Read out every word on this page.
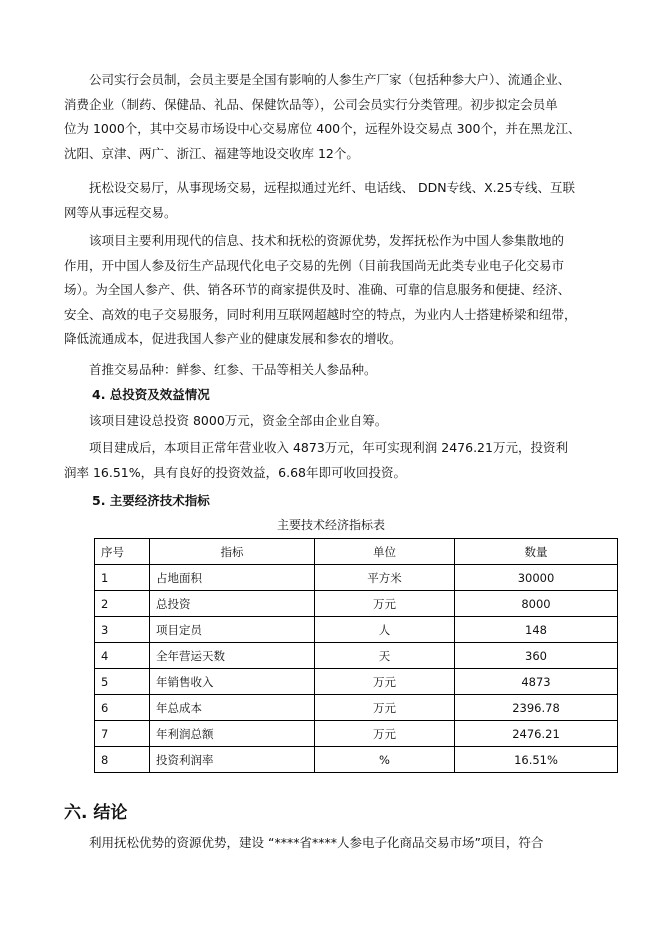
　　公司实行会员制，会员主要是全国有影响的人参生产厂家（包括种参大户）、流通企业、
消费企业（制药、保健品、礼品、保健饮品等），公司会员实行分类管理。初步拟定会员单
位为 1000个，其中交易市场设中心交易席位 400个，远程外设交易点 300个，并在黑龙江、
沈阳、京津、两广、浙江、福建等地设交收库 12个。
　　抚松设交易厅，从事现场交易，远程拟通过光纤、电话线、 DDN专线、X.25专线、互联
网等从事远程交易。
　　该项目主要利用现代的信息、技术和抚松的资源优势，发挥抚松作为中国人参集散地的
作用，开中国人参及衍生产品现代化电子交易的先例（目前我国尚无此类专业电子化交易市
场）。为全国人参产、供、销各环节的商家提供及时、准确、可靠的信息服务和便捷、经济、
安全、高效的电子交易服务，同时利用互联网超越时空的特点，为业内人士搭建桥梁和纽带，
降低流通成本，促进我国人参产业的健康发展和参农的增收。
　　首推交易品种：鲜参、红参、干品等相关人参品种。
4. 总投资及效益情况
　　该项目建设总投资 8000万元，资金全部由企业自筹。
　　项目建成后，本项目正常年营业收入 4873万元，年可实现利润 2476.21万元，投资利
润率 16.51%，具有良好的投资效益，6.68年即可收回投资。
5. 主要经济技术指标
主要技术经济指标表
序号	指标	单位	数量
1	占地面积	平方米	30000
2	总投资	万元	8000
3	项目定员	人	148
4	全年营运天数	天	360
5	年销售收入	万元	4873
6	年总成本	万元	2396.78
7	年利润总额	万元	2476.21
8	投资利润率	%	16.51%
六. 结论
　　利用抚松优势的资源优势，建设 “****省****人参电子化商品交易市场”项目，符合
